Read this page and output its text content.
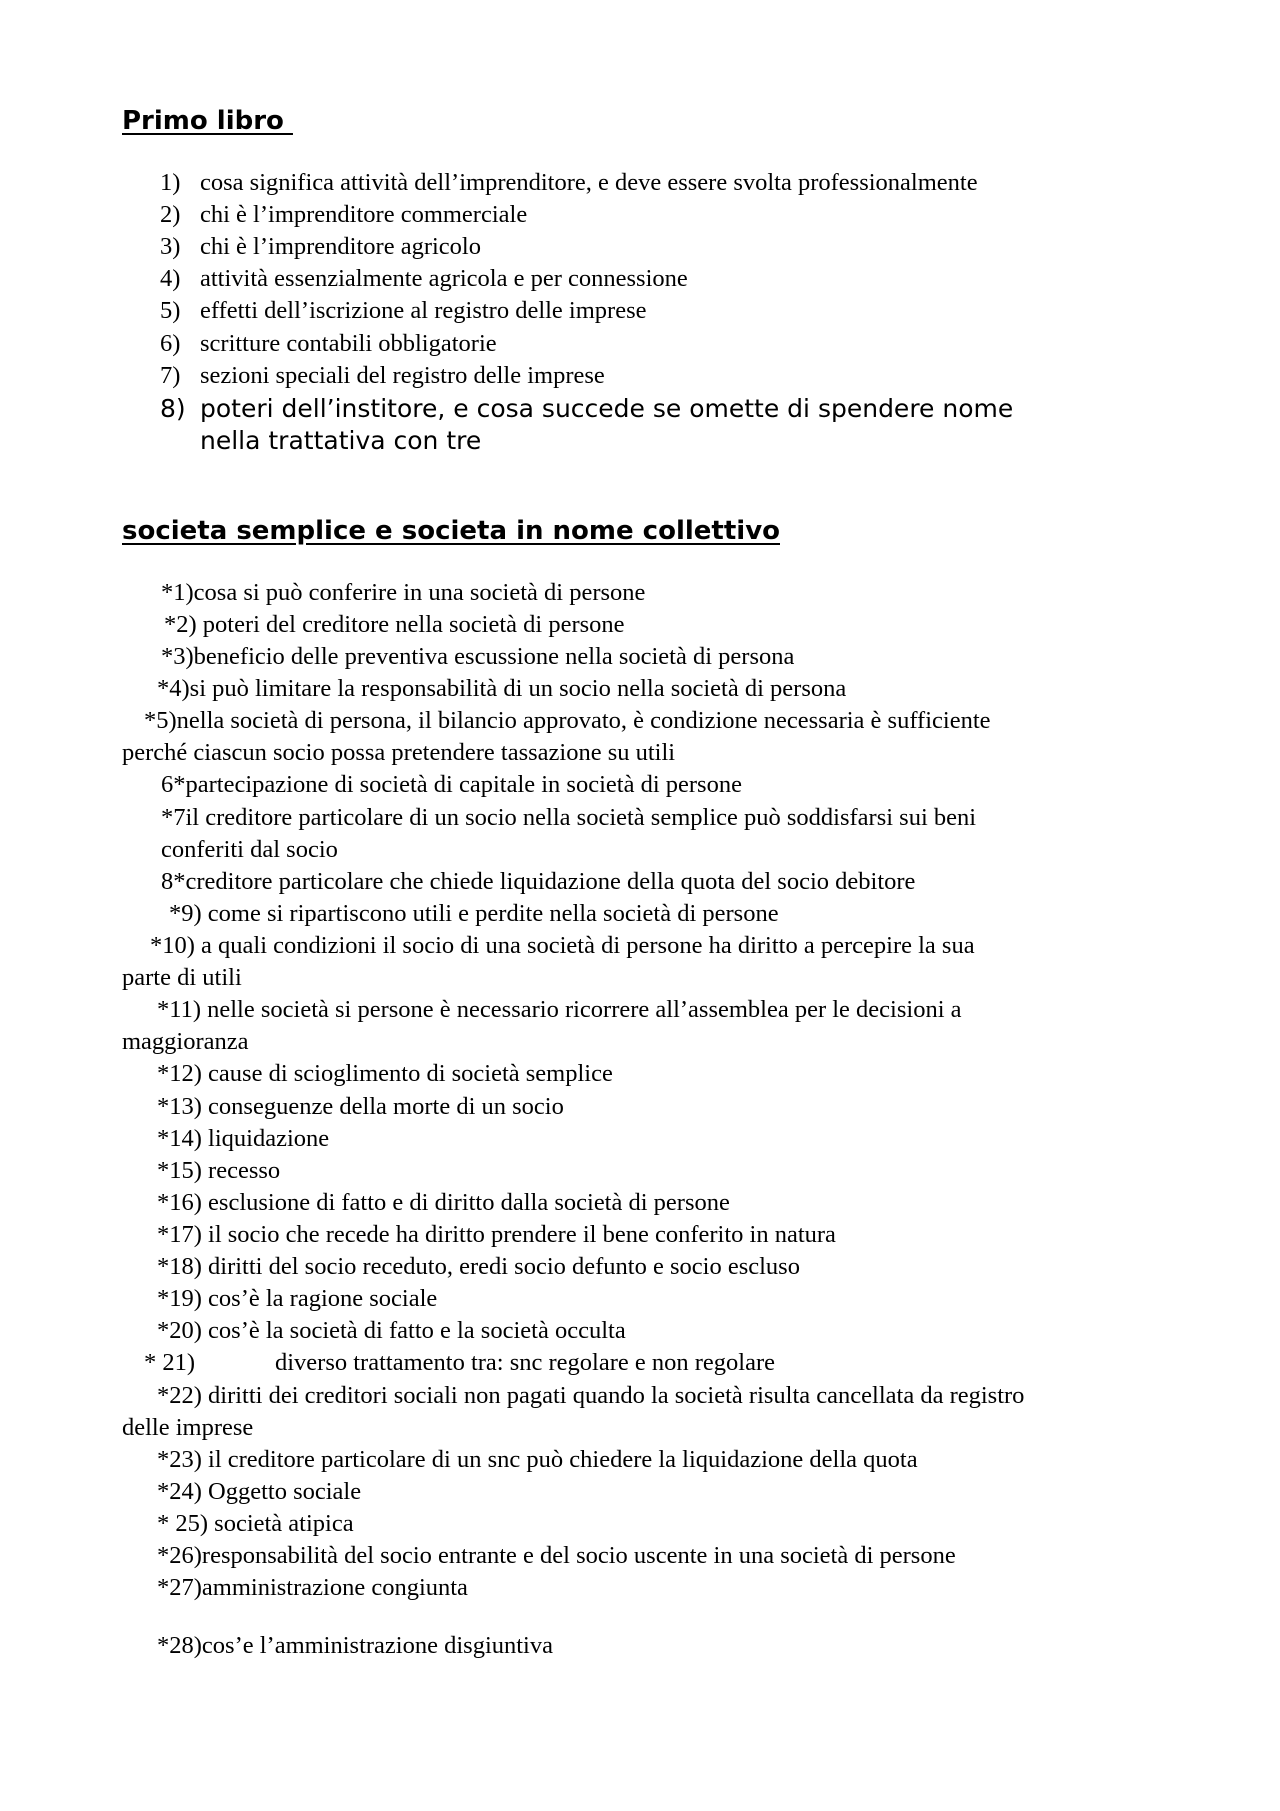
Primo libro
1) cosa significa attività dell’imprenditore, e deve essere svolta professionalmente
2) chi è l’imprenditore commerciale
3) chi è l’imprenditore agricolo
4) attività essenzialmente agricola e per connessione
5) effetti dell’iscrizione al registro delle imprese
6) scritture contabili obbligatorie
7) sezioni speciali del registro delle imprese
8) poteri dell’institore, e cosa succede se omette di spendere nome
nella trattativa con tre
societa semplice e societa in nome collettivo
*1)cosa si può conferire in una società di persone
*2) poteri del creditore nella società di persone
*3)beneficio delle preventiva escussione nella società di persona
*4)si può limitare la responsabilità di un socio nella società di persona
*5)nella società di persona, il bilancio approvato, è condizione necessaria è sufficiente
perché ciascun socio possa pretendere tassazione su utili
6*partecipazione di società di capitale in società di persone
*7il creditore particolare di un socio nella società semplice può soddisfarsi sui beni
conferiti dal socio
8*creditore particolare che chiede liquidazione della quota del socio debitore
*9) come si ripartiscono utili e perdite nella società di persone
*10) a quali condizioni il socio di una società di persone ha diritto a percepire la sua
parte di utili
*11) nelle società si persone è necessario ricorrere all’assemblea per le decisioni a
maggioranza
*12) cause di scioglimento di società semplice
*13) conseguenze della morte di un socio
*14) liquidazione
*15) recesso
*16) esclusione di fatto e di diritto dalla società di persone
*17) il socio che recede ha diritto prendere il bene conferito in natura
*18) diritti del socio receduto, eredi socio defunto e socio escluso
*19) cos’è la ragione sociale
*20) cos’è la società di fatto e la società occulta
* 21)	diverso trattamento tra: snc regolare e non regolare
*22) diritti dei creditori sociali non pagati quando la società risulta cancellata da registro
delle imprese
*23) il creditore particolare di un snc può chiedere la liquidazione della quota
*24) Oggetto sociale
* 25) società atipica
*26)responsabilità del socio entrante e del socio uscente in una società di persone
*27)amministrazione congiunta
*28)cos’e l’amministrazione disgiuntiva
